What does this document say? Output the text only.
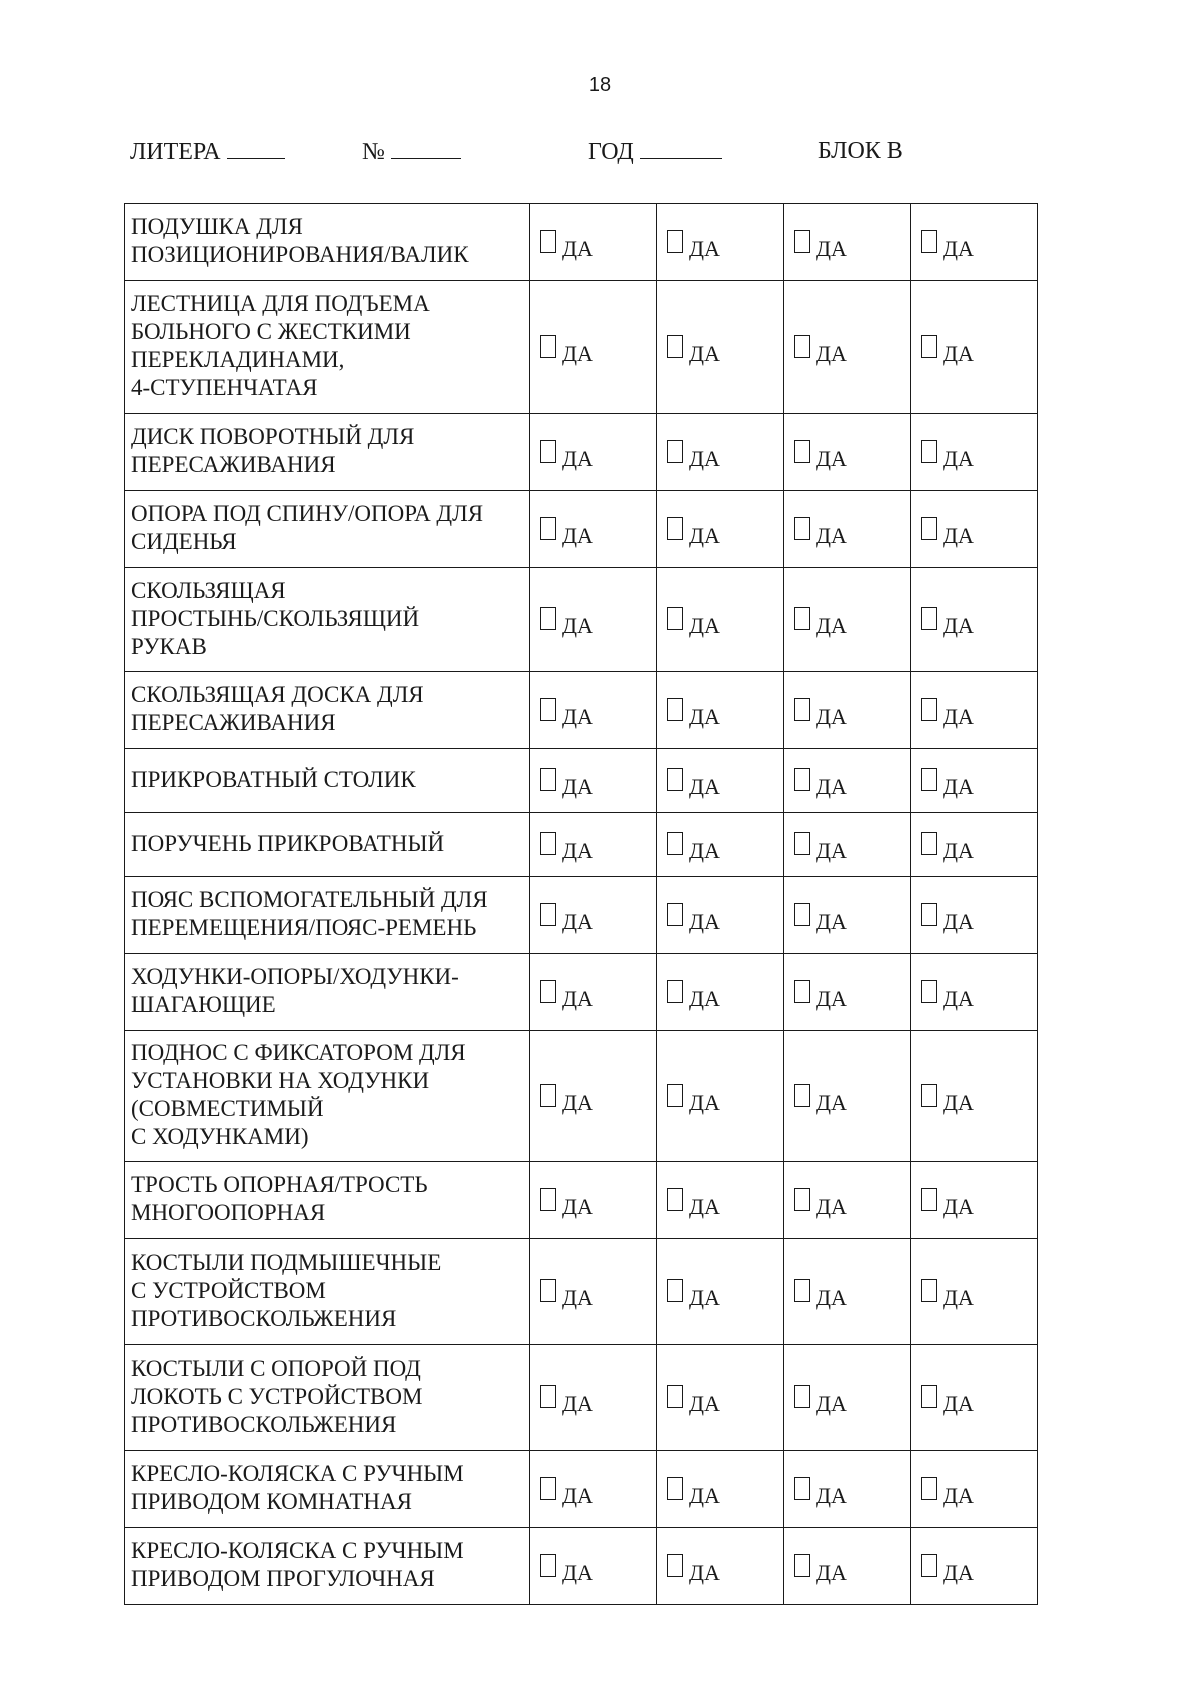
18
ЛИТЕРА	№	ГОД	БЛОК В
ПОДУШКА ДЛЯ
ПОЗИЦИОНИРОВАНИЯ/ВАЛИК	ДА	ДА	ДА	ДА

ЛЕСТНИЦА ДЛЯ ПОДЪЕМА
БОЛЬНОГО С ЖЕСТКИМИ
ПЕРЕКЛАДИНАМИ,
4-СТУПЕНЧАТАЯ	ДА	ДА	ДА	ДА

ДИСК ПОВОРОТНЫЙ ДЛЯ
ПЕРЕСАЖИВАНИЯ	ДА	ДА	ДА	ДА

ОПОРА ПОД СПИНУ/ОПОРА ДЛЯ
СИДЕНЬЯ	ДА	ДА	ДА	ДА

СКОЛЬЗЯЩАЯ
ПРОСТЫНЬ/СКОЛЬЗЯЩИЙ
РУКАВ	ДА	ДА	ДА	ДА

СКОЛЬЗЯЩАЯ ДОСКА ДЛЯ
ПЕРЕСАЖИВАНИЯ	ДА	ДА	ДА	ДА

ПРИКРОВАТНЫЙ СТОЛИК	ДА	ДА	ДА	ДА

ПОРУЧЕНЬ ПРИКРОВАТНЫЙ	ДА	ДА	ДА	ДА

ПОЯС ВСПОМОГАТЕЛЬНЫЙ ДЛЯ
ПЕРЕМЕЩЕНИЯ/ПОЯС-РЕМЕНЬ	ДА	ДА	ДА	ДА

ХОДУНКИ-ОПОРЫ/ХОДУНКИ-
ШАГАЮЩИЕ	ДА	ДА	ДА	ДА

ПОДНОС С ФИКСАТОРОМ ДЛЯ
УСТАНОВКИ НА ХОДУНКИ
(СОВМЕСТИМЫЙ
С ХОДУНКАМИ)	ДА	ДА	ДА	ДА

ТРОСТЬ ОПОРНАЯ/ТРОСТЬ
МНОГООПОРНАЯ	ДА	ДА	ДА	ДА

КОСТЫЛИ ПОДМЫШЕЧНЫЕ
С УСТРОЙСТВОМ
ПРОТИВОСКОЛЬЖЕНИЯ	ДА	ДА	ДА	ДА

КОСТЫЛИ С ОПОРОЙ ПОД
ЛОКОТЬ С УСТРОЙСТВОМ
ПРОТИВОСКОЛЬЖЕНИЯ	ДА	ДА	ДА	ДА

КРЕСЛО-КОЛЯСКА С РУЧНЫМ
ПРИВОДОМ КОМНАТНАЯ	ДА	ДА	ДА	ДА

КРЕСЛО-КОЛЯСКА С РУЧНЫМ
ПРИВОДОМ ПРОГУЛОЧНАЯ	ДА	ДА	ДА	ДА
